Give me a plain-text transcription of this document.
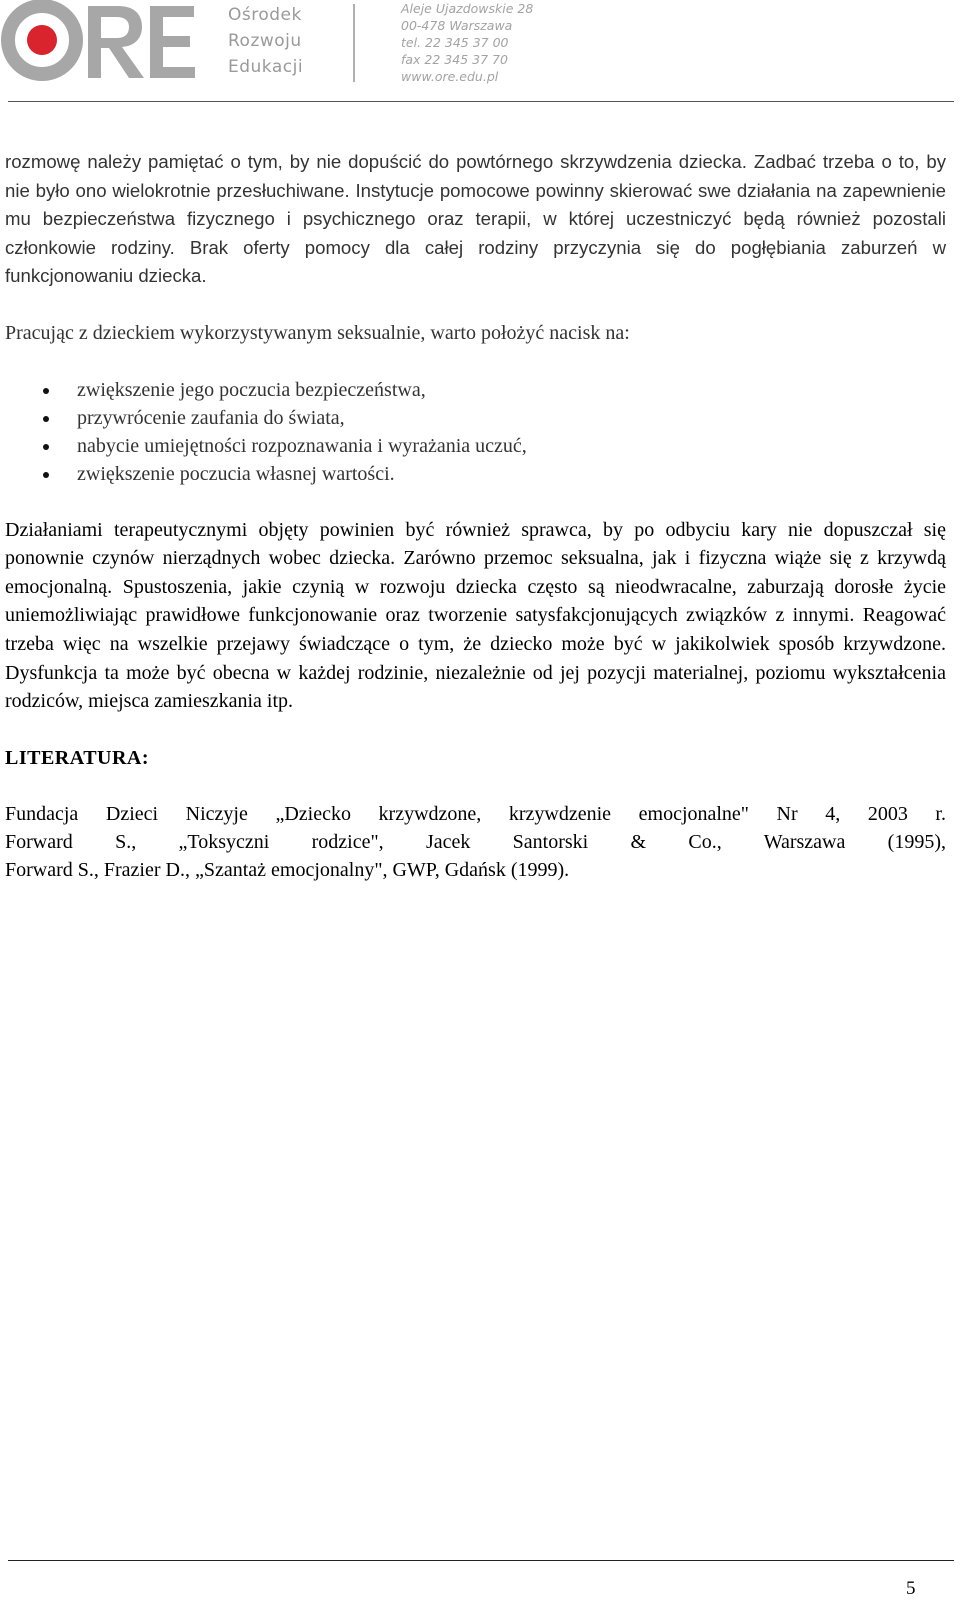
Ośrodek
Rozwoju
Edukacji
Aleje Ujazdowskie 28
00-478 Warszawa
tel. 22 345 37 00
fax 22 345 37 70
www.ore.edu.pl

rozmowę należy pamiętać o tym, by nie dopuścić do powtórnego skrzywdzenia dziecka. Zadbać trzeba o to, by nie było ono wielokrotnie przesłuchiwane. Instytucje pomocowe powinny skierować swe działania na zapewnienie mu bezpieczeństwa fizycznego i psychicznego oraz terapii, w której uczestniczyć będą również pozostali członkowie rodziny. Brak oferty pomocy dla całej rodziny przyczynia się do pogłębiania zaburzeń w funkcjonowaniu dziecka.

Pracując z dzieckiem wykorzystywanym seksualnie, warto położyć nacisk na:

zwiększenie jego poczucia bezpieczeństwa,
przywrócenie zaufania do świata,
nabycie umiejętności rozpoznawania i wyrażania uczuć,
zwiększenie poczucia własnej wartości.

Działaniami terapeutycznymi objęty powinien być również sprawca, by po odbyciu kary nie dopuszczał się ponownie czynów nierządnych wobec dziecka. Zarówno przemoc seksualna, jak i fizyczna wiąże się z krzywdą emocjonalną. Spustoszenia, jakie czynią w rozwoju dziecka często są nieodwracalne, zaburzają dorosłe życie uniemożliwiając prawidłowe funkcjonowanie oraz tworzenie satysfakcjonujących związków z innymi. Reagować trzeba więc na wszelkie przejawy świadczące o tym, że dziecko może być w jakikolwiek sposób krzywdzone. Dysfunkcja ta może być obecna w każdej rodzinie, niezależnie od jej pozycji materialnej, poziomu wykształcenia rodziców, miejsca zamieszkania itp.

LITERATURA:

Fundacja Dzieci Niczyje „Dziecko krzywdzone, krzywdzenie emocjonalne" Nr 4, 2003 r.
Forward S., „Toksyczni rodzice", Jacek Santorski & Co., Warszawa (1995),
Forward S., Frazier D., „Szantaż emocjonalny", GWP, Gdańsk (1999).

5
